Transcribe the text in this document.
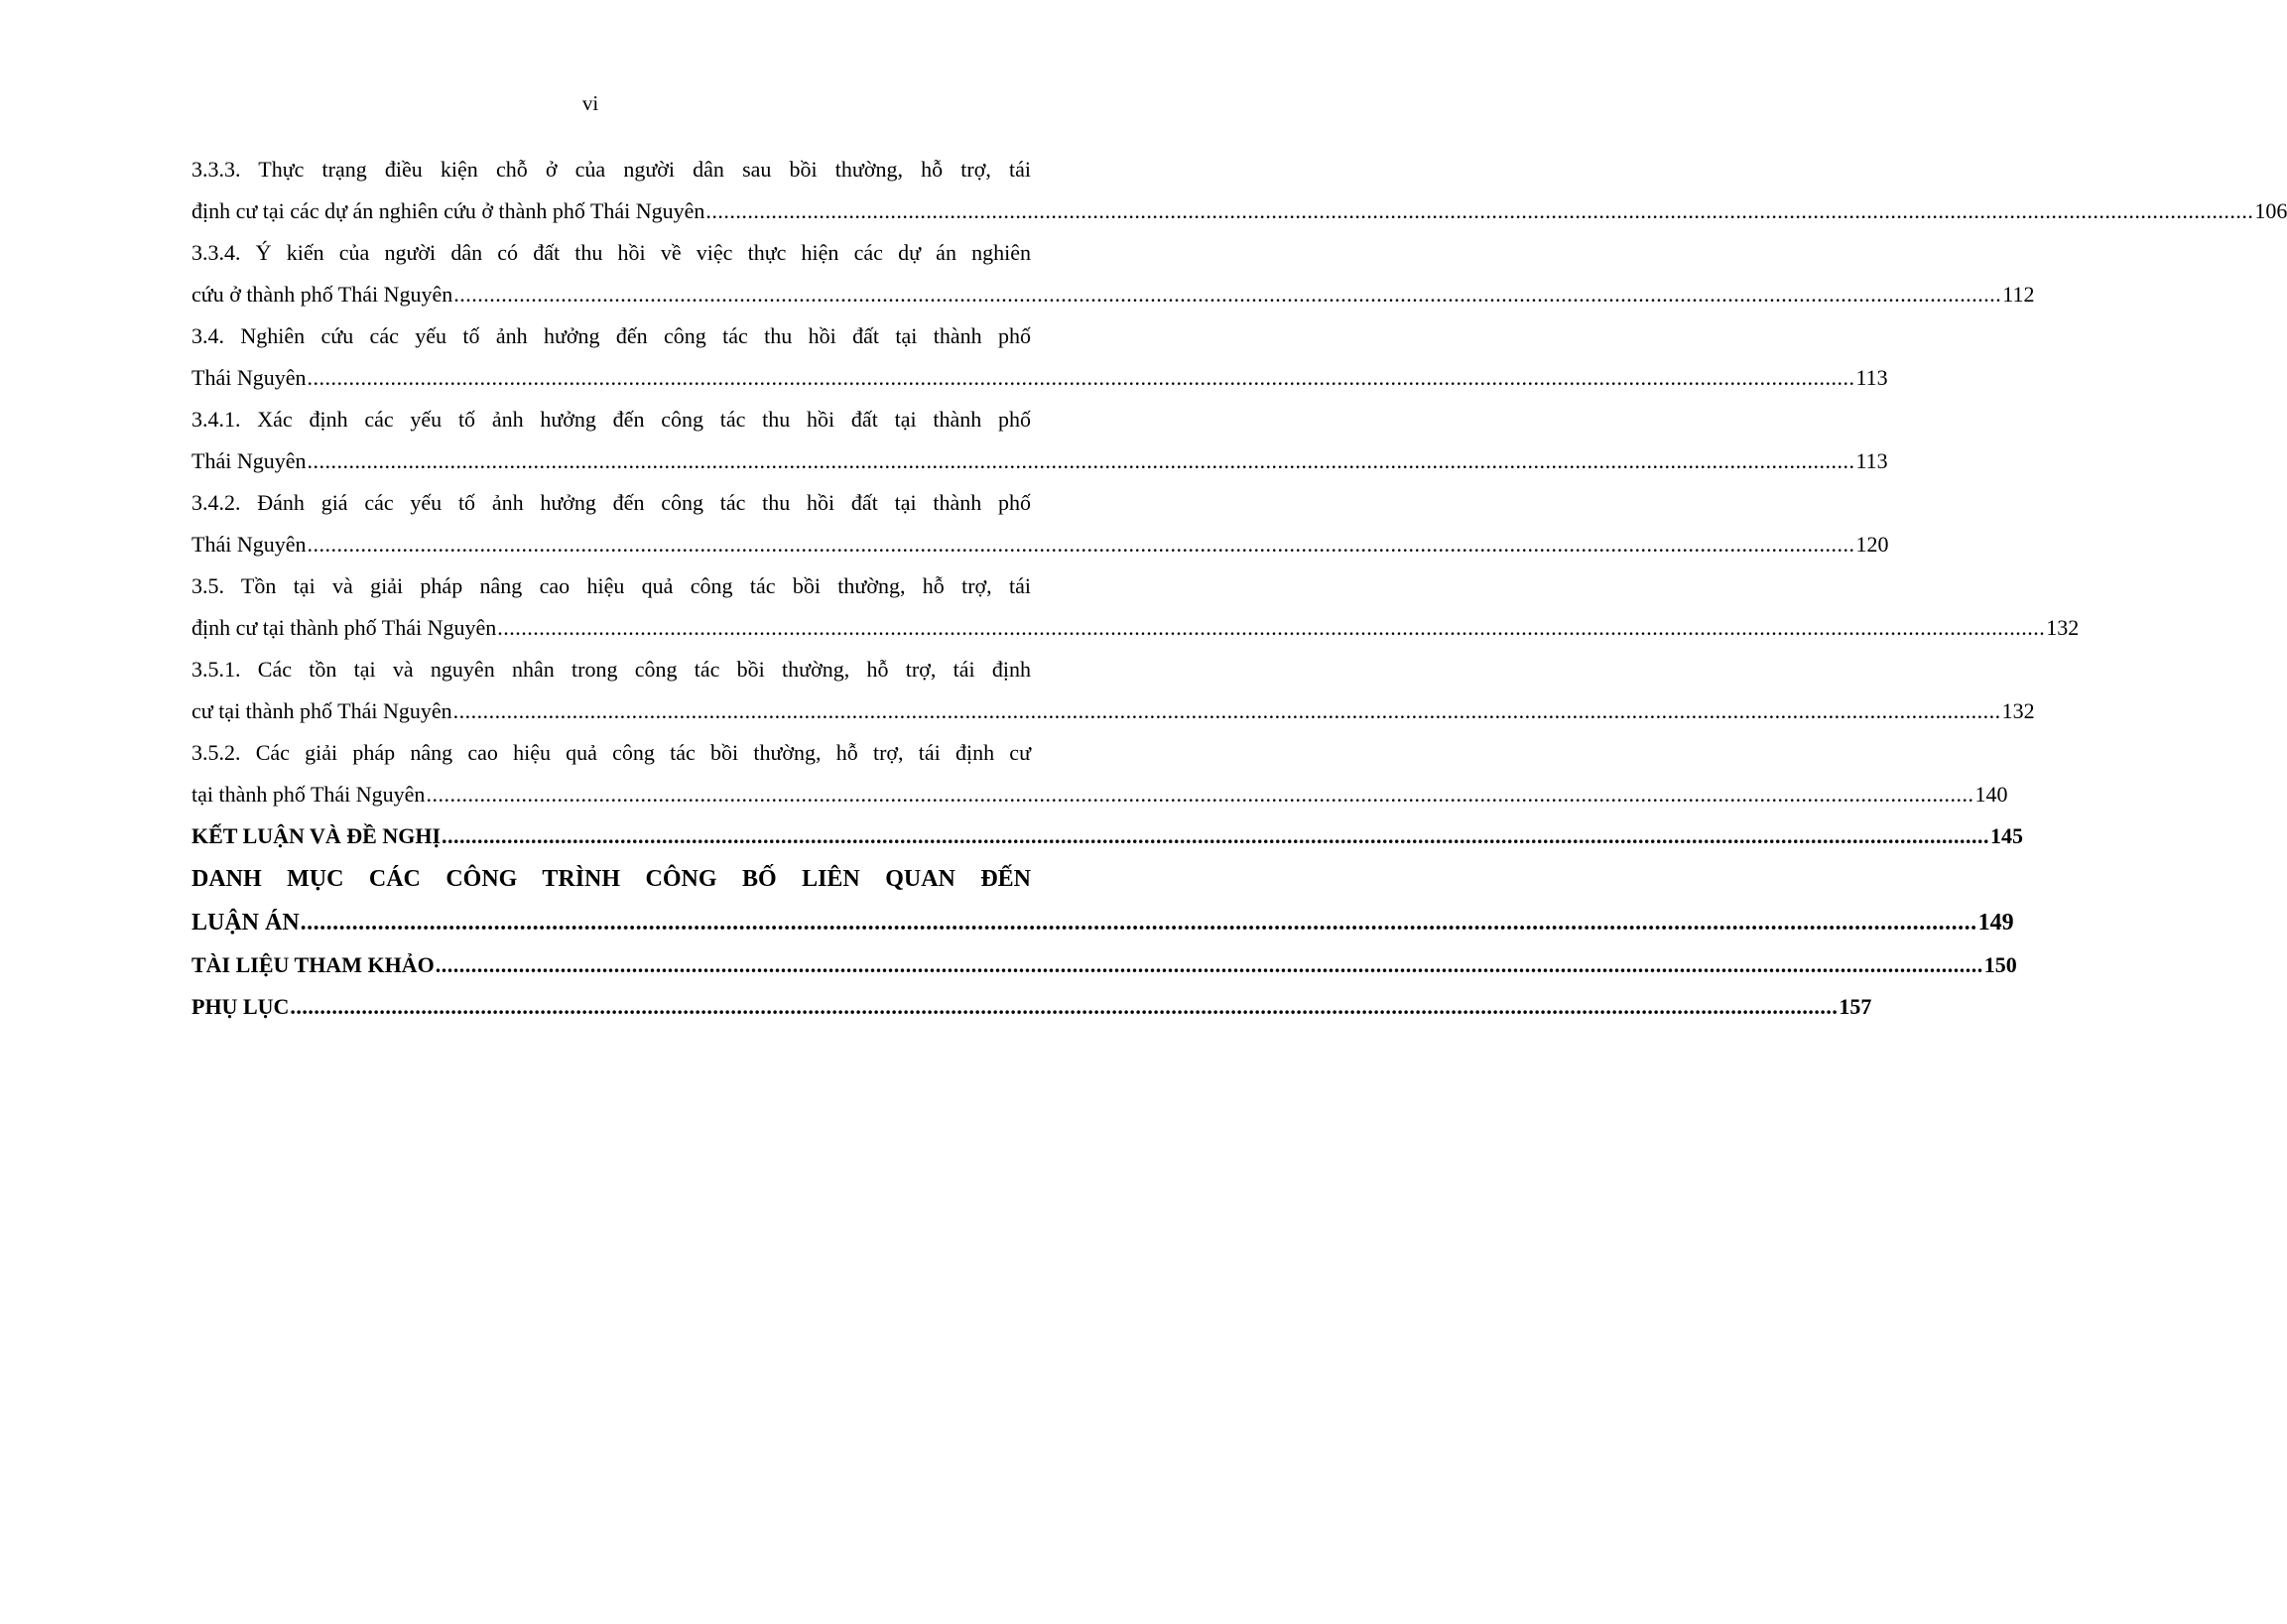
vi
3.3.3. Thực trạng điều kiện chỗ ở của người dân sau bồi thường, hỗ trợ, tái
định cư tại các dự án nghiên cứu ở thành phố Thái Nguyên .................................................................................................................................................................................................................................................................... 106
3.3.4. Ý kiến của người dân có đất thu hồi về việc thực hiện các dự án nghiên
cứu ở thành phố Thái Nguyên .................................................................................................................................................................................................................................................................... 112
3.4. Nghiên cứu các yếu tố ảnh hưởng đến công tác thu hồi đất tại thành phố
Thái Nguyên .................................................................................................................................................................................................................................................................... 113
3.4.1. Xác định các yếu tố ảnh hưởng đến công tác thu hồi đất tại thành phố
Thái Nguyên .................................................................................................................................................................................................................................................................... 113
3.4.2. Đánh giá các yếu tố ảnh hưởng đến công tác thu hồi đất tại thành phố
Thái Nguyên .................................................................................................................................................................................................................................................................... 120
3.5. Tồn tại và giải pháp nâng cao hiệu quả công tác bồi thường, hỗ trợ, tái
định cư tại thành phố Thái Nguyên .................................................................................................................................................................................................................................................................... 132
3.5.1. Các tồn tại và nguyên nhân trong công tác bồi thường, hỗ trợ, tái định
cư tại thành phố Thái Nguyên .................................................................................................................................................................................................................................................................... 132
3.5.2. Các giải pháp nâng cao hiệu quả công tác bồi thường, hỗ trợ, tái định cư
tại thành phố Thái Nguyên .................................................................................................................................................................................................................................................................... 140
KẾT LUẬN VÀ ĐỀ NGHỊ .................................................................................................................................................................................................................................................................... 145
DANH MỤC CÁC CÔNG TRÌNH CÔNG BỐ LIÊN QUAN ĐẾN
LUẬN ÁN .................................................................................................................................................................................................................................................................... 149
TÀI LIỆU THAM KHẢO .................................................................................................................................................................................................................................................................... 150
PHỤ LỤC .................................................................................................................................................................................................................................................................... 157
